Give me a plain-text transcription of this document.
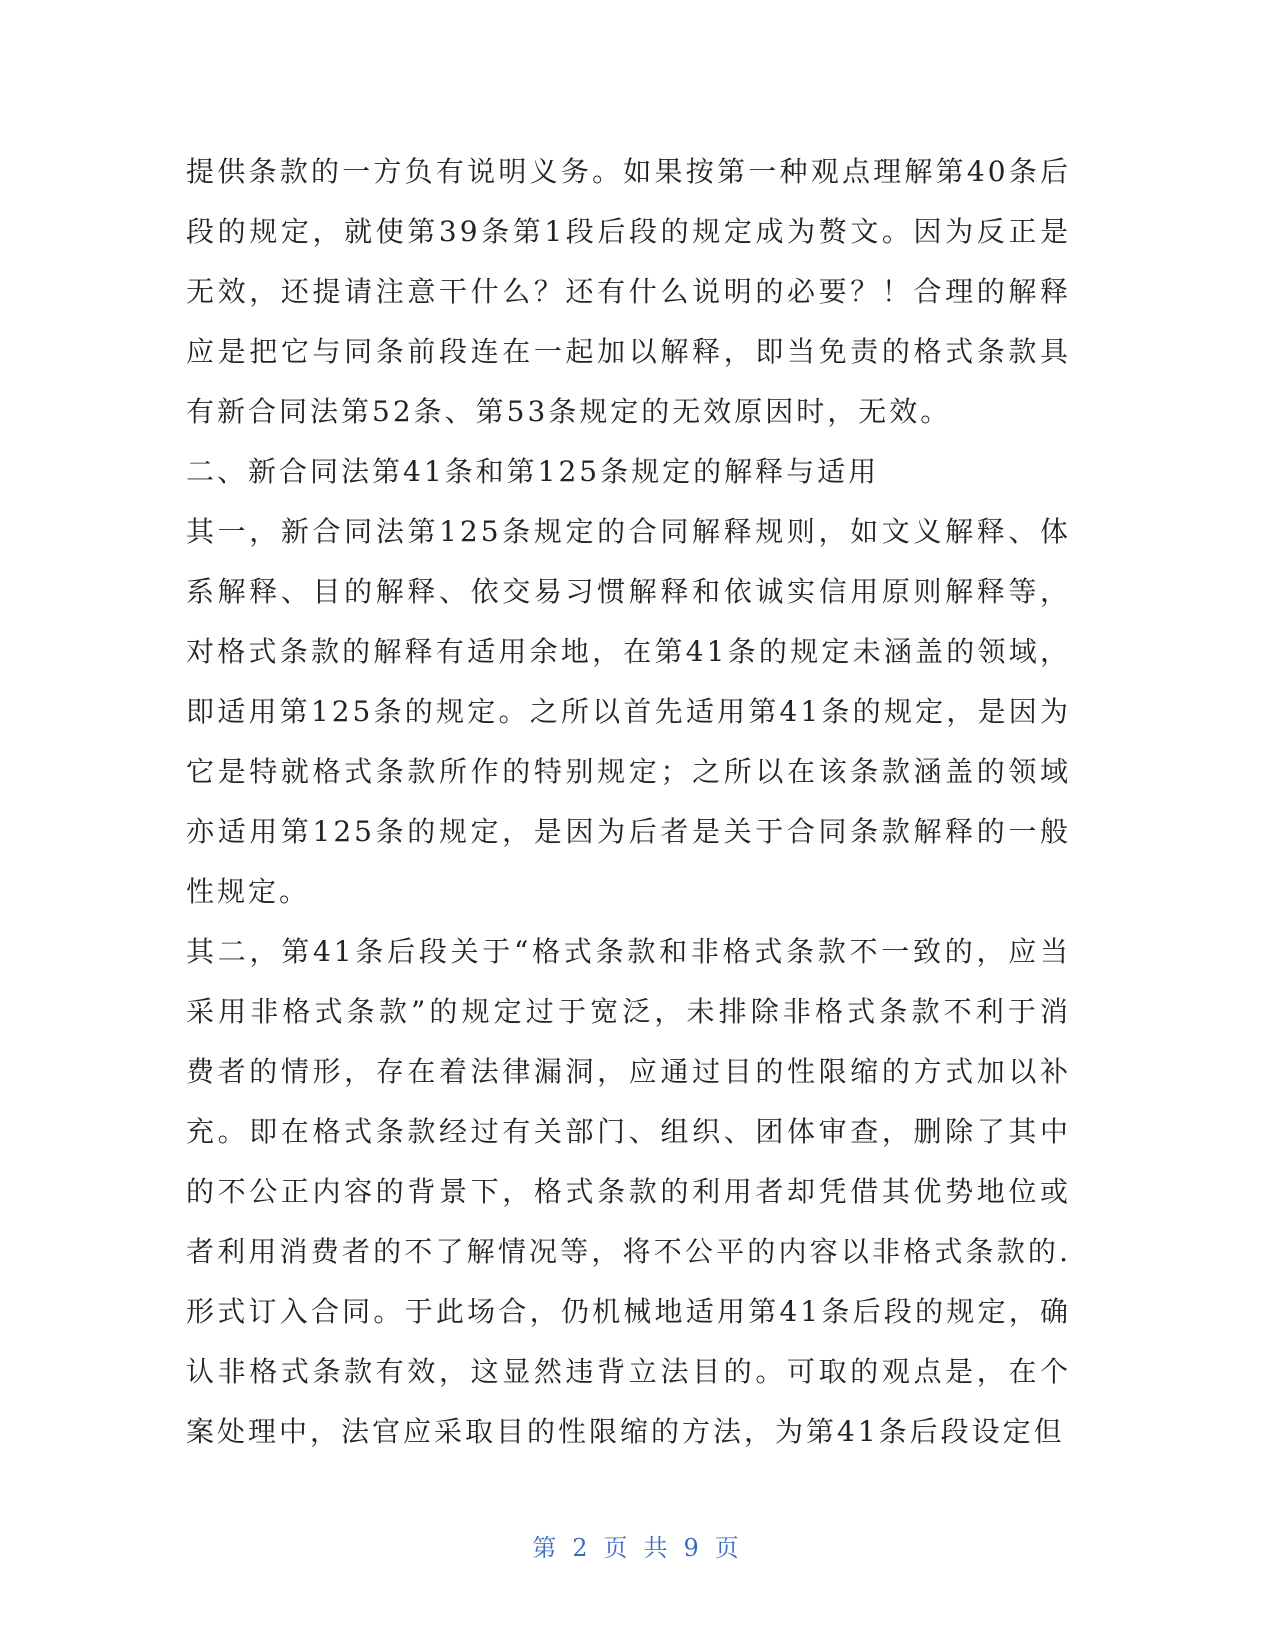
提供条款的一方负有说明义务。如果按第一种观点理解第40条后段的规定，就使第39条第1段后段的规定成为赘文。因为反正是无效，还提请注意干什么？还有什么说明的必要？！合理的解释应是把它与同条前段连在一起加以解释，即当免责的格式条款具有新合同法第52条、第53条规定的无效原因时，无效。

二、新合同法第41条和第125条规定的解释与适用

其一，新合同法第125条规定的合同解释规则，如文义解释、体系解释、目的解释、依交易习惯解释和依诚实信用原则解释等，对格式条款的解释有适用余地，在第41条的规定未涵盖的领域，即适用第125条的规定。之所以首先适用第41条的规定，是因为它是特就格式条款所作的特别规定；之所以在该条款涵盖的领域亦适用第125条的规定，是因为后者是关于合同条款解释的一般性规定。

其二，第41条后段关于“格式条款和非格式条款不一致的，应当采用非格式条款”的规定过于宽泛，未排除非格式条款不利于消费者的情形，存在着法律漏洞，应通过目的性限缩的方式加以补充。即在格式条款经过有关部门、组织、团体审查，删除了其中的不公正内容的背景下，格式条款的利用者却凭借其优势地位或者利用消费者的不了解情况等，将不公平的内容以非格式条款的.形式订入合同。于此场合，仍机械地适用第41条后段的规定，确认非格式条款有效，这显然违背立法目的。可取的观点是，在个案处理中，法官应采取目的性限缩的方法，为第41条后段设定但

第 2 页 共 9 页
